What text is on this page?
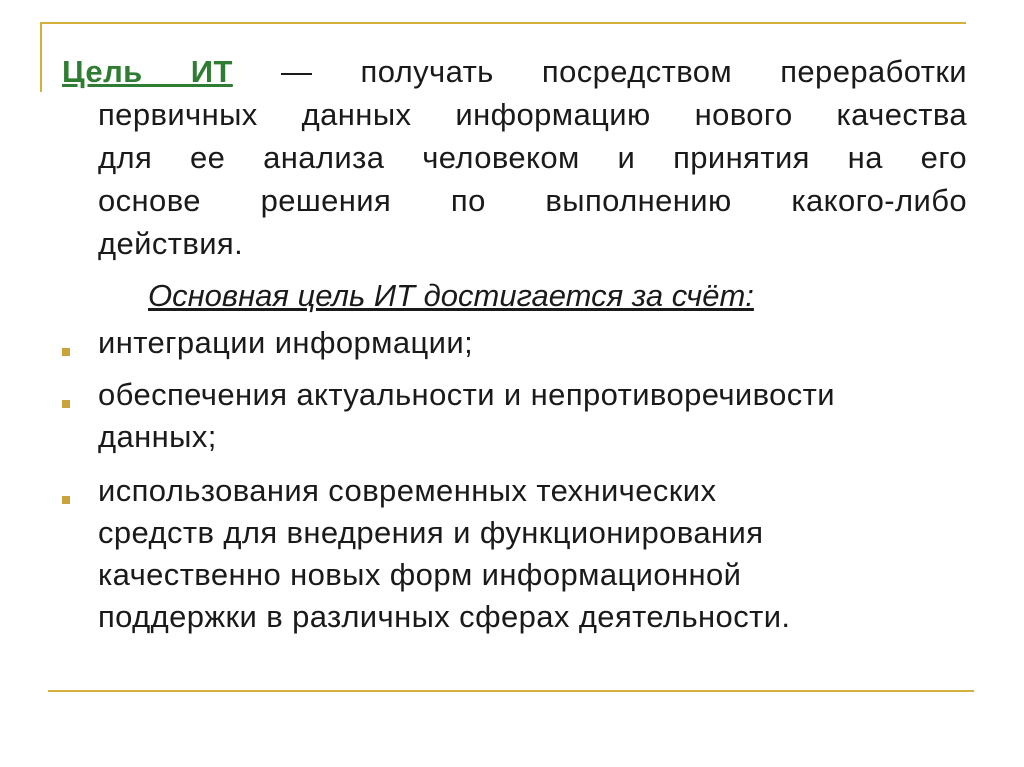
Цель ИТ — получать посредством переработки
первичных данных информацию нового качества
для ее анализа человеком и принятия на его
основе решения по выполнению какого-либо
действия.
Основная цель ИТ достигается за счёт:
интеграции информации;
обеспечения актуальности и непротиворечивости
данных;
использования современных технических
средств для внедрения и функционирования
качественно новых форм информационной
поддержки в различных сферах деятельности.
